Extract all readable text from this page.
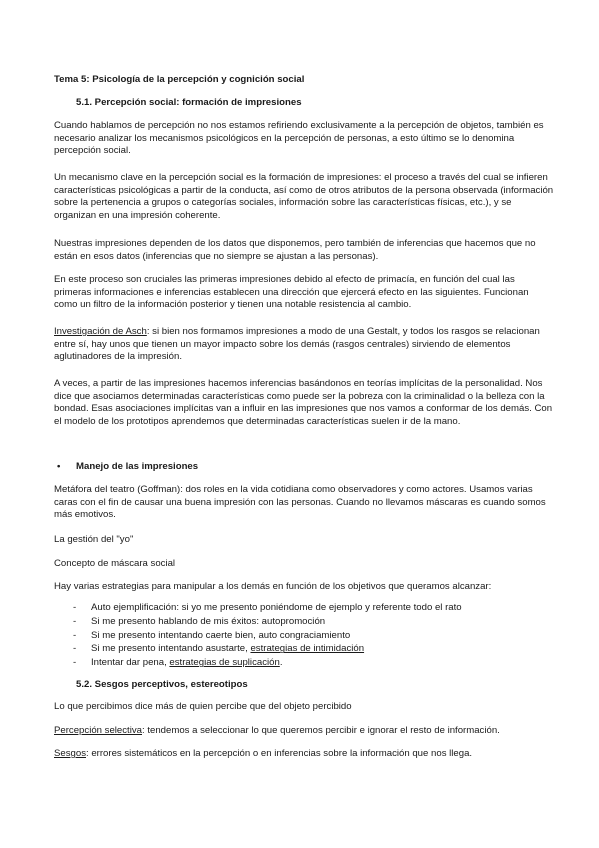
Tema 5: Psicología de la percepción y cognición social

5.1. Percepción social: formación de impresiones

Cuando hablamos de percepción no nos estamos refiriendo exclusivamente a la percepción de objetos, también es necesario analizar los mecanismos psicológicos en la percepción de personas, a esto último se lo denomina percepción social.

Un mecanismo clave en la percepción social es la formación de impresiones: el proceso a través del cual se infieren características psicológicas a partir de la conducta, así como de otros atributos de la persona observada (información sobre la pertenencia a grupos o categorías sociales, información sobre las características físicas, etc.), y se organizan en una impresión coherente.

Nuestras impresiones dependen de los datos que disponemos, pero también de inferencias que hacemos que no están en esos datos (inferencias que no siempre se ajustan a las personas).

En este proceso son cruciales las primeras impresiones debido al efecto de primacía, en función del cual las primeras informaciones e inferencias establecen una dirección que ejercerá efecto en las siguientes. Funcionan como un filtro de la información posterior y tienen una notable resistencia al cambio.

Investigación de Asch: si bien nos formamos impresiones a modo de una Gestalt, y todos los rasgos se relacionan entre sí, hay unos que tienen un mayor impacto sobre los demás (rasgos centrales) sirviendo de elementos aglutinadores de la impresión.

A veces, a partir de las impresiones hacemos inferencias basándonos en teorías implícitas de la personalidad. Nos dice que asociamos determinadas características como puede ser la pobreza con la criminalidad o la belleza con la bondad. Esas asociaciones implícitas van a influir en las impresiones que nos vamos a conformar de los demás. Con el modelo de los prototipos aprendemos que determinadas características suelen ir de la mano.

• Manejo de las impresiones

Metáfora del teatro (Goffman): dos roles en la vida cotidiana como observadores y como actores. Usamos varias caras con el fin de causar una buena impresión con las personas. Cuando no llevamos máscaras es cuando somos más emotivos.

La gestión del "yo"

Concepto de máscara social

Hay varias estrategias para manipular a los demás en función de los objetivos que queramos alcanzar:

- Auto ejemplificación: si yo me presento poniéndome de ejemplo y referente todo el rato
- Si me presento hablando de mis éxitos: autopromoción
- Si me presento intentando caerte bien, auto congraciamiento
- Si me presento intentando asustarte, estrategias de intimidación
- Intentar dar pena, estrategias de suplicación.

5.2. Sesgos perceptivos, estereotipos

Lo que percibimos dice más de quien percibe que del objeto percibido

Percepción selectiva: tendemos a seleccionar lo que queremos percibir e ignorar el resto de información.

Sesgos: errores sistemáticos en la percepción o en inferencias sobre la información que nos llega.
